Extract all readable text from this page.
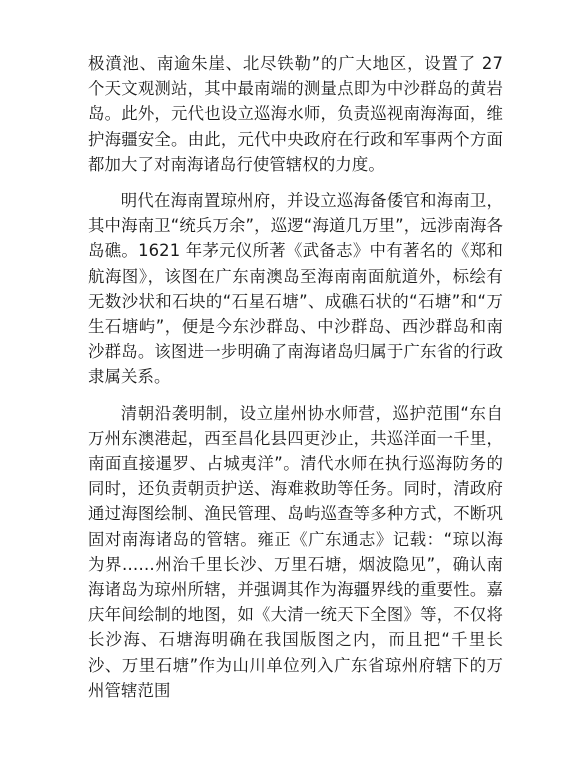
极濆池、南逾朱崖、北尽铁勒”的广大地区，设置了 27 个天文观测站，其中最南端的测量点即为中沙群岛的黄岩岛。此外，元代也设立巡海水师，负责巡视南海海面，维护海疆安全。由此，元代中央政府在行政和军事两个方面都加大了对南海诸岛行使管辖权的力度。

明代在海南置琼州府，并设立巡海备倭官和海南卫，其中海南卫“统兵万余”，巡逻“海道几万里”，远涉南海各岛礁。1621 年茅元仪所著《武备志》中有著名的《郑和航海图》，该图在广东南澳岛至海南南面航道外，标绘有无数沙状和石块的“石星石塘”、成礁石状的“石塘”和“万生石塘屿”，便是今东沙群岛、中沙群岛、西沙群岛和南沙群岛。该图进一步明确了南海诸岛归属于广东省的行政隶属关系。

清朝沿袭明制，设立崖州协水师营，巡护范围“东自万州东澳港起，西至昌化县四更沙止，共巡洋面一千里，南面直接暹罗、占城夷洋”。清代水师在执行巡海防务的同时，还负责朝贡护送、海难救助等任务。同时，清政府通过海图绘制、渔民管理、岛屿巡查等多种方式，不断巩固对南海诸岛的管辖。雍正《广东通志》记载：“琼以海为界……州治千里长沙、万里石塘，烟波隐见”，确认南海诸岛为琼州所辖，并强调其作为海疆界线的重要性。嘉庆年间绘制的地图，如《大清一统天下全图》等，不仅将长沙海、石塘海明确在我国版图之内，而且把“千里长沙、万里石塘”作为山川单位列入广东省琼州府辖下的万州管辖范围
